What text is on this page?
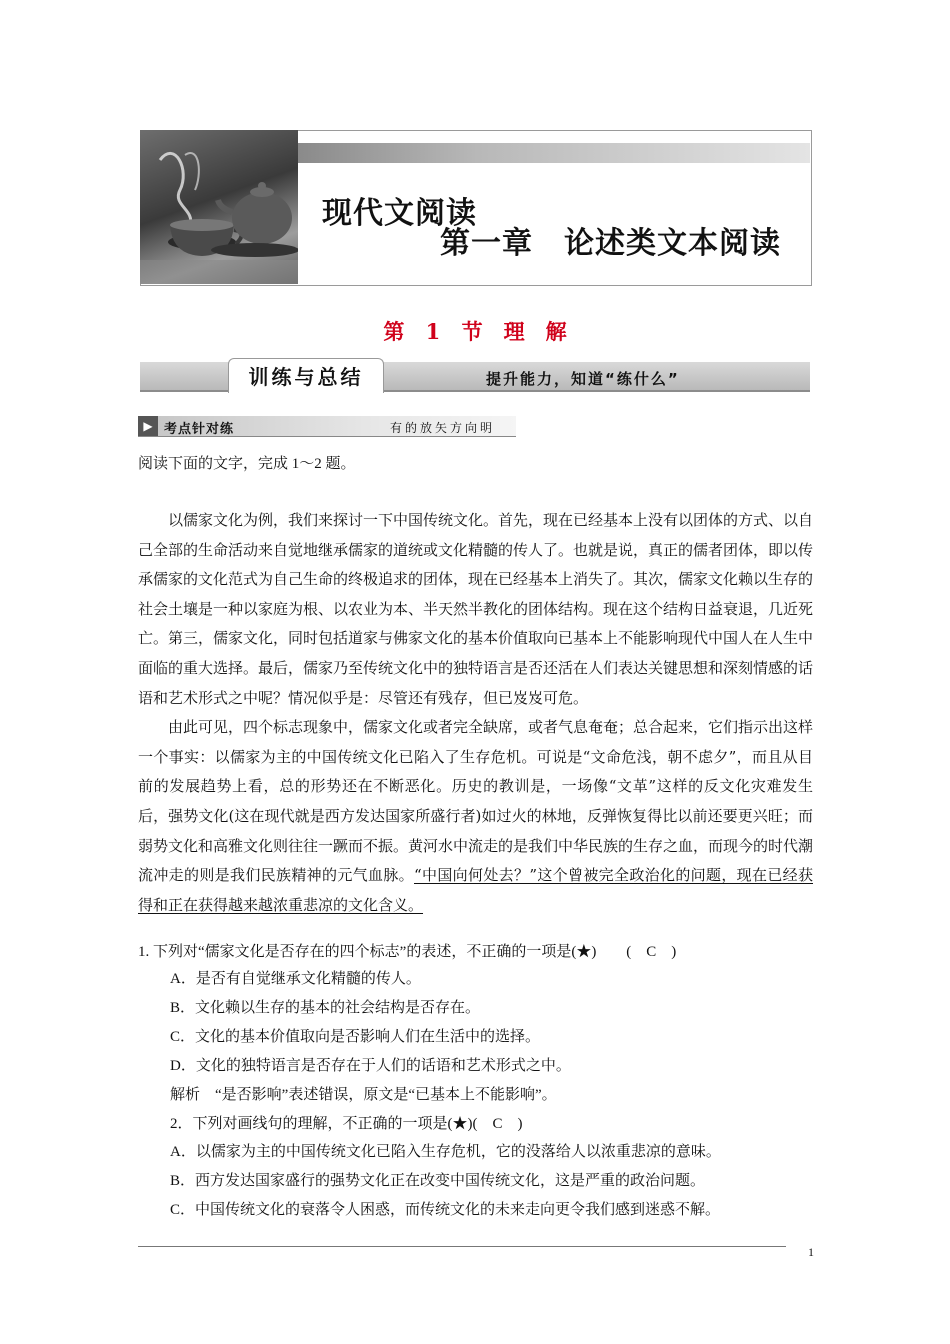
现代文阅读
第一章　论述类文本阅读
第 1 节　理　解
训练与总结	提升能力，知道“练什么”
▶ 考点针对练	有的放矢方向明
阅读下面的文字，完成 1～2 题。

以儒家文化为例，我们来探讨一下中国传统文化。首先，现在已经基本上没有以团体的方式、以自己全部的生命活动来自觉地继承儒家的道统或文化精髓的传人了。也就是说，真正的儒者团体，即以传承儒家的文化范式为自己生命的终极追求的团体，现在已经基本上消失了。其次，儒家文化赖以生存的社会土壤是一种以家庭为根、以农业为本、半天然半教化的团体结构。现在这个结构日益衰退，几近死亡。第三，儒家文化，同时包括道家与佛家文化的基本价值取向已基本上不能影响现代中国人在人生中面临的重大选择。最后，儒家乃至传统文化中的独特语言是否还活在人们表达关键思想和深刻情感的话语和艺术形式之中呢？情况似乎是：尽管还有残存，但已岌岌可危。

由此可见，四个标志现象中，儒家文化或者完全缺席，或者气息奄奄；总合起来，它们指示出这样一个事实：以儒家为主的中国传统文化已陷入了生存危机。可说是“文命危浅，朝不虑夕”，而且从目前的发展趋势上看，总的形势还在不断恶化。历史的教训是，一场像“文革”这样的反文化灾难发生后，强势文化(这在现代就是西方发达国家所盛行者)如过火的林地，反弹恢复得比以前还要更兴旺；而弱势文化和高雅文化则往往一蹶而不振。黄河水中流走的是我们中华民族的生存之血，而现今的时代潮流冲走的则是我们民族精神的元气血脉。“中国向何处去？”这个曾被完全政治化的问题，现在已经获得和正在获得越来越浓重悲凉的文化含义。

1. 下列对“儒家文化是否存在的四个标志”的表述，不正确的一项是(★)　　(　C　)
A．是否有自觉继承文化精髓的传人。
B．文化赖以生存的基本的社会结构是否存在。
C．文化的基本价值取向是否影响人们在生活中的选择。
D．文化的独特语言是否存在于人们的话语和艺术形式之中。
解析　“是否影响”表述错误，原文是“已基本上不能影响”。
2．下列对画线句的理解，不正确的一项是(★)(　C　)
A．以儒家为主的中国传统文化已陷入生存危机，它的没落给人以浓重悲凉的意味。
B．西方发达国家盛行的强势文化正在改变中国传统文化，这是严重的政治问题。
C．中国传统文化的衰落令人困惑，而传统文化的未来走向更令我们感到迷惑不解。
1
